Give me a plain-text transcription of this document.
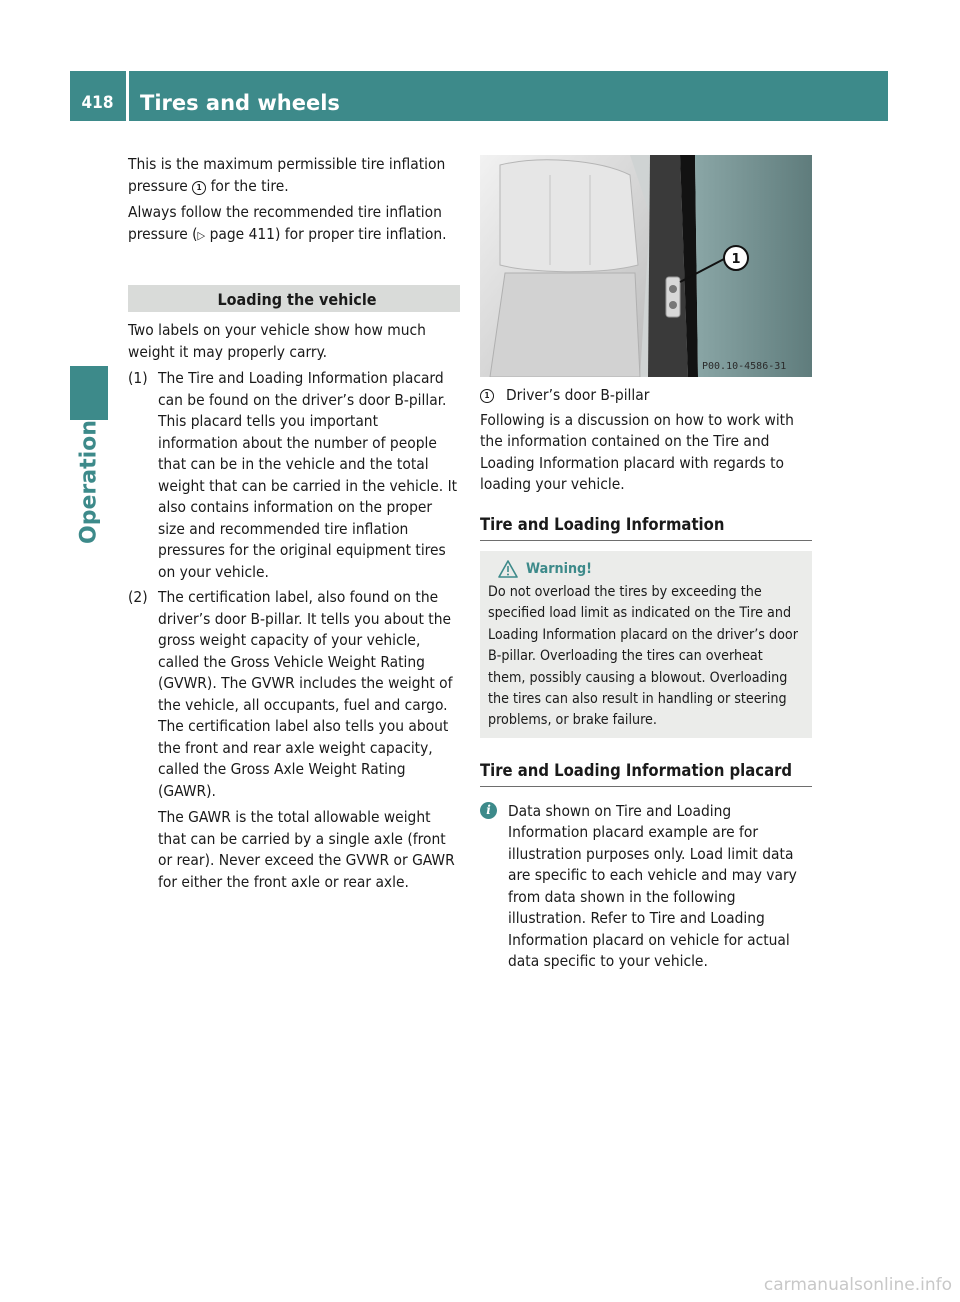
418	Tires and wheels
Operation

This is the maximum permissible tire inflation pressure 1 for the tire.

Always follow the recommended tire inflation pressure (▷ page 411) for proper tire inflation.

Loading the vehicle

Two labels on your vehicle show how much weight it may properly carry.

(1) The Tire and Loading Information placard can be found on the driver’s door B-pillar. This placard tells you important information about the number of people that can be in the vehicle and the total weight that can be carried in the vehicle. It also contains information on the proper size and recommended tire inflation pressures for the original equipment tires on your vehicle.
(2) The certification label, also found on the driver’s door B-pillar. It tells you about the gross weight capacity of your vehicle, called the Gross Vehicle Weight Rating (GVWR). The GVWR includes the weight of the vehicle, all occupants, fuel and cargo. The certification label also tells you about the front and rear axle weight capacity, called the Gross Axle Weight Rating (GAWR).

The GAWR is the total allowable weight that can be carried by a single axle (front or rear). Never exceed the GVWR or GAWR for either the front axle or rear axle.

1
P00.10-4586-31
1 Driver’s door B-pillar

Following is a discussion on how to work with the information contained on the Tire and Loading Information placard with regards to loading your vehicle.

Tire and Loading Information
Warning!
Do not overload the tires by exceeding the specified load limit as indicated on the Tire and Loading Information placard on the driver’s door B-pillar. Overloading the tires can overheat them, possibly causing a blowout. Overloading the tires can also result in handling or steering problems, or brake failure.
Tire and Loading Information placard
i	Data shown on Tire and Loading Information placard example are for illustration purposes only. Load limit data are specific to each vehicle and may vary from data shown in the following illustration. Refer to Tire and Loading Information placard on vehicle for actual data specific to your vehicle.
carmanualsonline.info
